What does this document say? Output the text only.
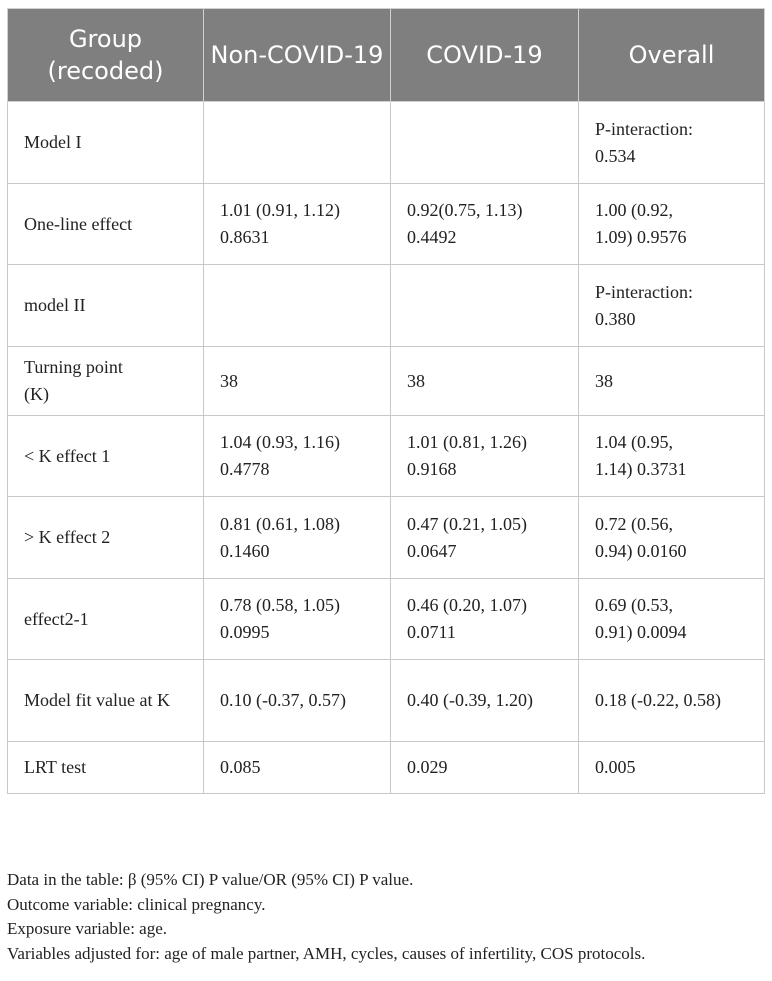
Group (recoded)	Non-COVID-19	COVID-19	Overall
Model I			P-interaction: 0.534
One-line effect	1.01 (0.91, 1.12) 0.8631	0.92(0.75, 1.13) 0.4492	1.00 (0.92, 1.09) 0.9576
model II			P-interaction: 0.380
Turning point (K)	38	38	38
< K effect 1	1.04 (0.93, 1.16) 0.4778	1.01 (0.81, 1.26) 0.9168	1.04 (0.95, 1.14) 0.3731
> K effect 2	0.81 (0.61, 1.08) 0.1460	0.47 (0.21, 1.05) 0.0647	0.72 (0.56, 0.94) 0.0160
effect2-1	0.78 (0.58, 1.05) 0.0995	0.46 (0.20, 1.07) 0.0711	0.69 (0.53, 0.91) 0.0094
Model fit value at K	0.10 (-0.37, 0.57)	0.40 (-0.39, 1.20)	0.18 (-0.22, 0.58)
LRT test	0.085	0.029	0.005
Data in the table: β (95% CI) P value/OR (95% CI) P value.
Outcome variable: clinical pregnancy.
Exposure variable: age.
Variables adjusted for: age of male partner, AMH, cycles, causes of infertility, COS protocols.
